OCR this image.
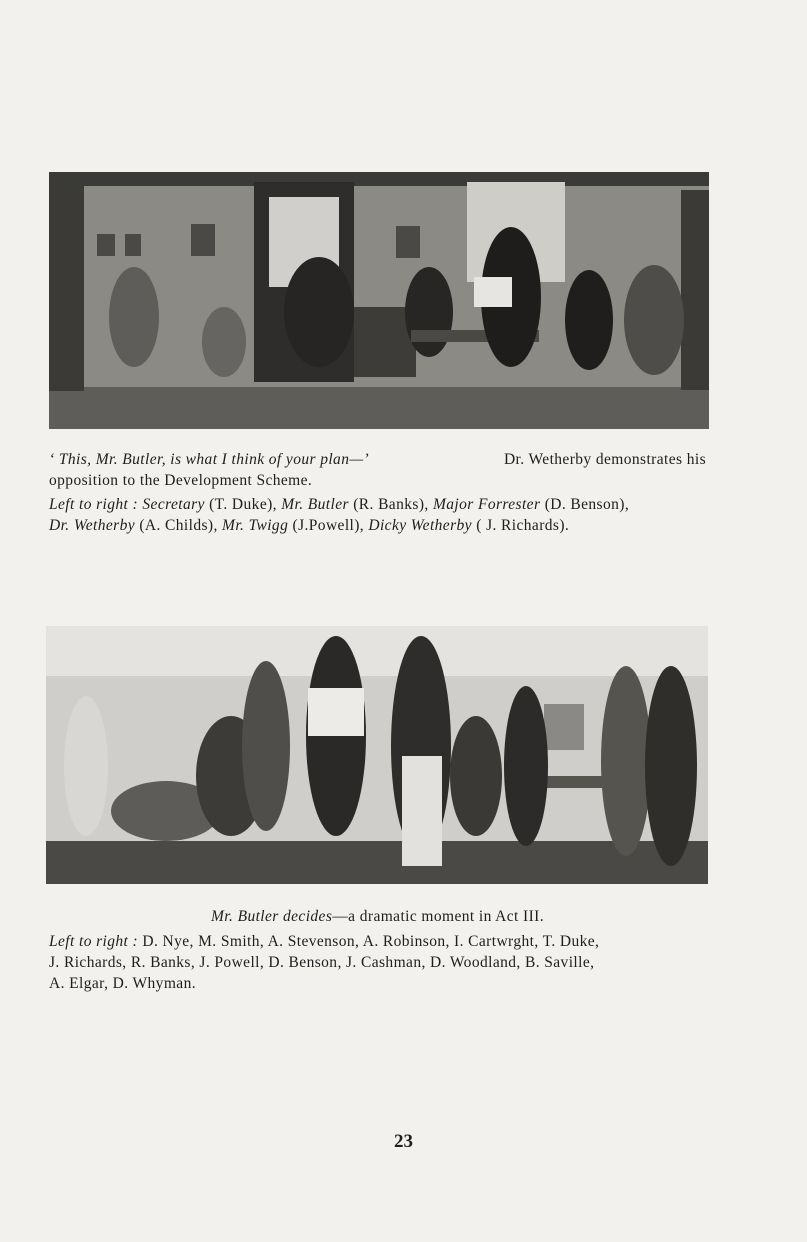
‘ This, Mr. Butler, is what I think of your plan—’	Dr. Wetherby demonstrates his
opposition to the Development Scheme.
Left to right : Secretary (T. Duke), Mr. Butler (R. Banks), Major Forrester (D. Benson),
Dr. Wetherby (A. Childs), Mr. Twigg (J.Powell), Dicky Wetherby ( J. Richards).
Mr. Butler decides—a dramatic moment in Act III.
Left to right : D. Nye, M. Smith, A. Stevenson, A. Robinson, I. Cartwrght, T. Duke,
J. Richards, R. Banks, J. Powell, D. Benson, J. Cashman, D. Woodland, B. Saville,
A. Elgar, D. Whyman.
23
